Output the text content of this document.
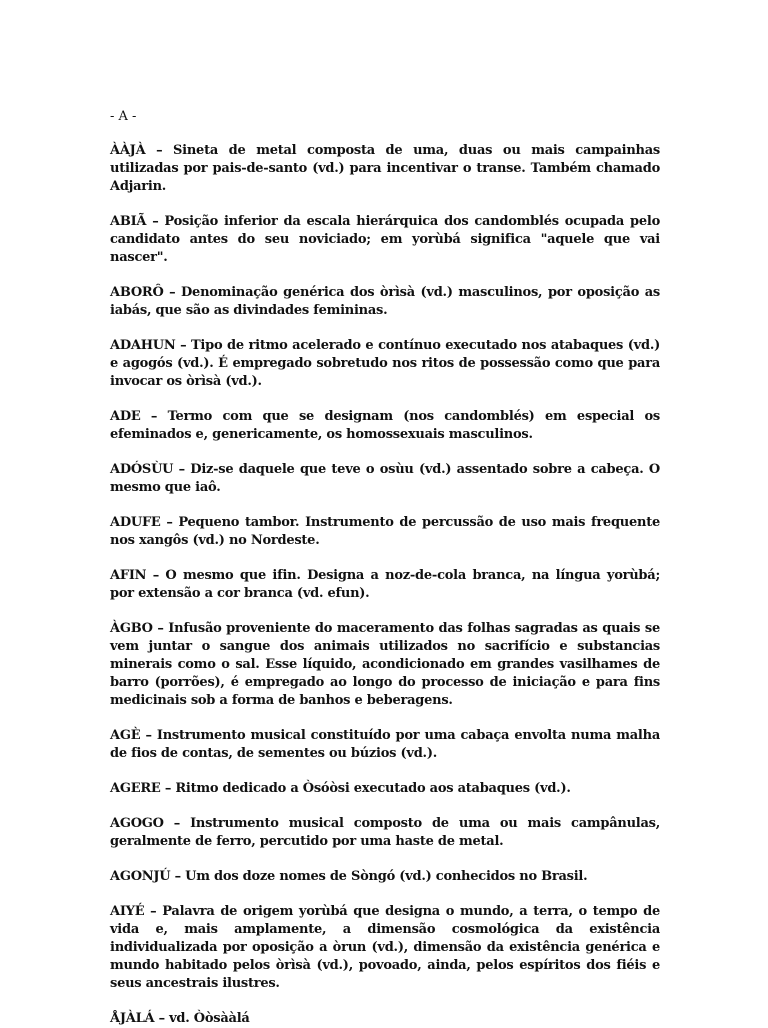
- A -

ÀÀJÀ – Sineta de metal composta de uma, duas ou mais campainhas utilizadas por pais-de-santo (vd.) para incentivar o transe. Também chamado Adjarin.

ABIÃ – Posição inferior da escala hierárquica dos candomblés ocupada pelo candidato antes do seu noviciado; em yorùbá significa "aquele que vai nascer".

ABORÔ – Denominação genérica dos òrìsà (vd.) masculinos, por oposição as iabás, que são as divindades femininas.

ADAHUN – Tipo de ritmo acelerado e contínuo executado nos atabaques (vd.) e agogós (vd.). É empregado sobretudo nos ritos de possessão como que para invocar os òrìsà (vd.).

ADE – Termo com que se designam (nos candomblés) em especial os efeminados e, genericamente, os homossexuais masculinos.

ADÓSÙU – Diz-se daquele que teve o osùu (vd.) assentado sobre a cabeça. O mesmo que iaô.

ADUFE – Pequeno tambor. Instrumento de percussão de uso mais frequente nos xangôs (vd.) no Nordeste.

AFIN – O mesmo que ifin. Designa a noz-de-cola branca, na língua yorùbá; por extensão a cor branca (vd. efun).

ÀGBO – Infusão proveniente do maceramento das folhas sagradas as quais se vem juntar o sangue dos animais utilizados no sacrifício e substancias minerais como o sal. Esse líquido, acondicionado em grandes vasilhames de barro (porrões), é empregado ao longo do processo de iniciação e para fins medicinais sob a forma de banhos e beberagens.

AGÈ – Instrumento musical constituído por uma cabaça envolta numa malha de fios de contas, de sementes ou búzios (vd.).

AGERE – Ritmo dedicado a Òsóòsi executado aos atabaques (vd.).

AGOGO – Instrumento musical composto de uma ou mais campânulas, geralmente de ferro, percutido por uma haste de metal.

AGONJÚ – Um dos doze nomes de Sòngó (vd.) conhecidos no Brasil.

AIYÉ – Palavra de origem yorùbá que designa o mundo, a terra, o tempo de vida e, mais amplamente, a dimensão cosmológica da existência individualizada por oposição a òrun (vd.), dimensão da existência genérica e mundo habitado pelos òrìsà (vd.), povoado, ainda, pelos espíritos dos fiéis e seus ancestrais ilustres.

ÅJÀLÁ – vd. Òòsààlá
